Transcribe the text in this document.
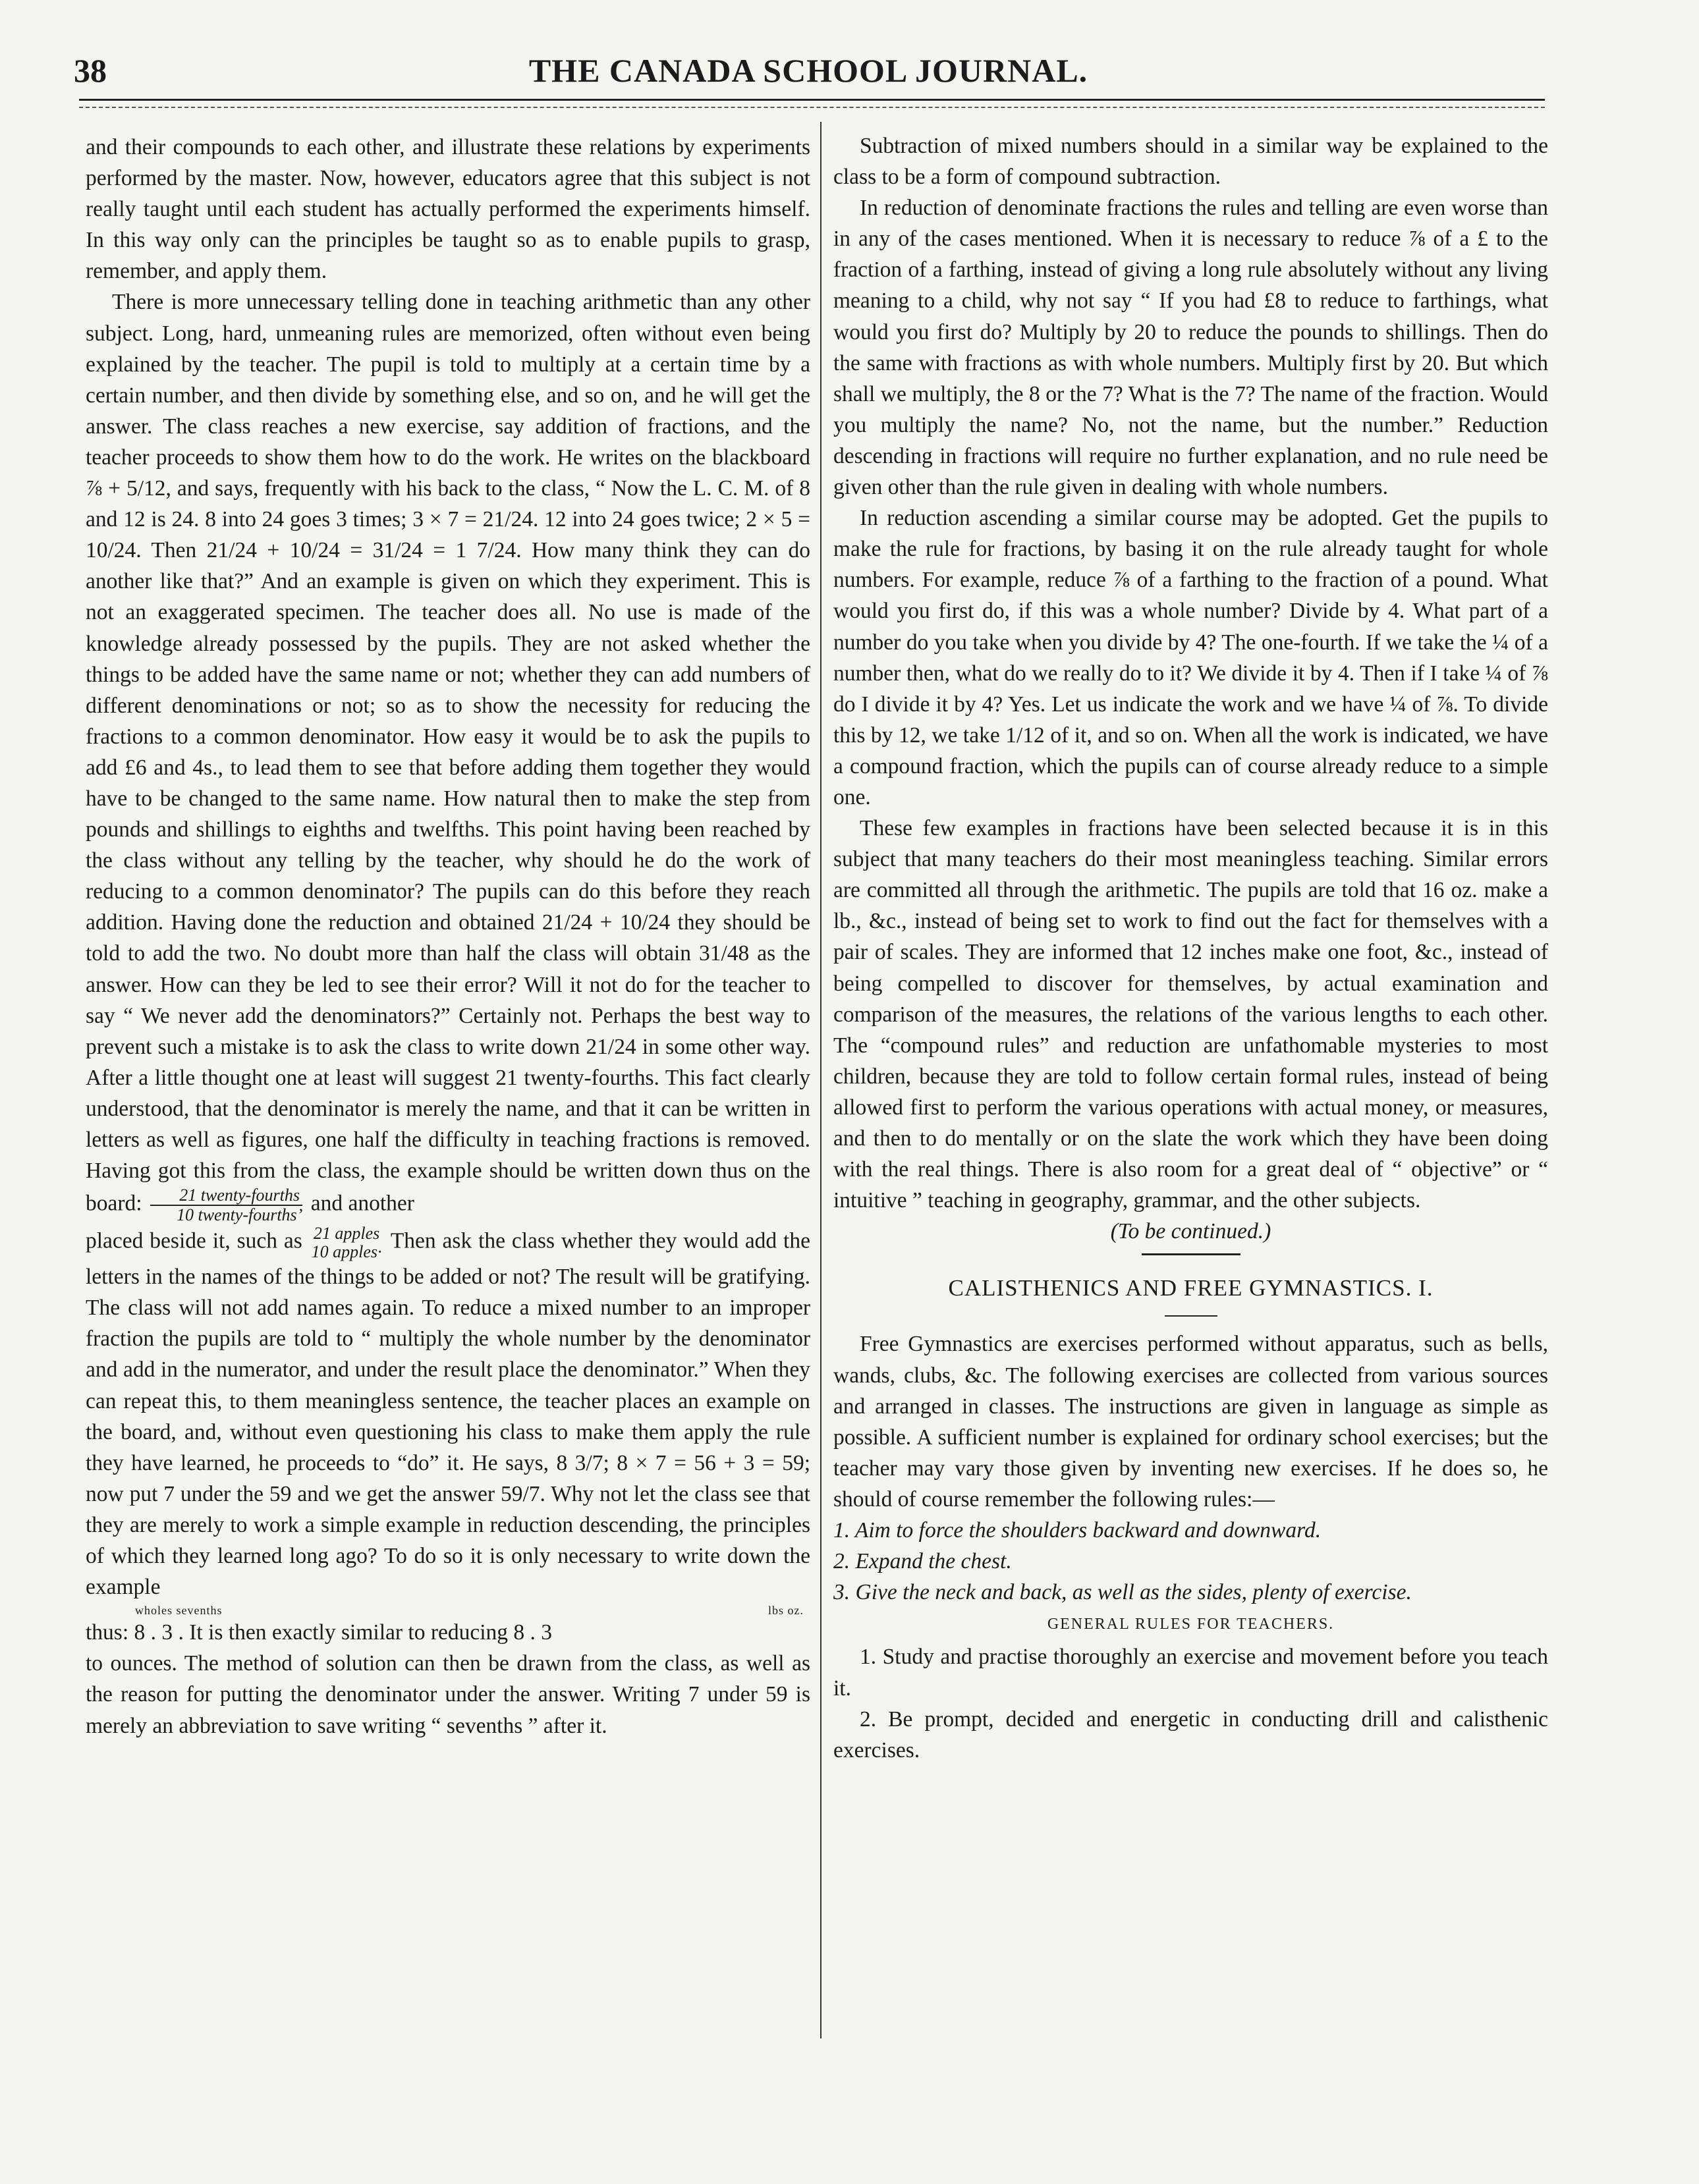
38	THE CANADA SCHOOL JOURNAL.

and their compounds to each other, and illustrate these relations by experiments performed by the master. Now, however, educators agree that this subject is not really taught until each student has actually performed the experiments himself. In this way only can the principles be taught so as to enable pupils to grasp, remember, and apply them.

There is more unnecessary telling done in teaching arithmetic than any other subject. Long, hard, unmeaning rules are memorized, often without even being explained by the teacher. The pupil is told to multiply at a certain time by a certain number, and then divide by something else, and so on, and he will get the answer. The class reaches a new exercise, say addition of fractions, and the teacher proceeds to show them how to do the work. He writes on the blackboard ⅞ + 5/12, and says, frequently with his back to the class, “ Now the L. C. M. of 8 and 12 is 24. 8 into 24 goes 3 times; 3 × 7 = 21/24. 12 into 24 goes twice; 2 × 5 = 10/24. Then 21/24 + 10/24 = 31/24 = 1 7/24. How many think they can do another like that?” And an example is given on which they experiment. This is not an exaggerated specimen. The teacher does all. No use is made of the knowledge already possessed by the pupils. They are not asked whether the things to be added have the same name or not; whether they can add numbers of different denominations or not; so as to show the necessity for reducing the fractions to a common denominator. How easy it would be to ask the pupils to add £6 and 4s., to lead them to see that before adding them together they would have to be changed to the same name. How natural then to make the step from pounds and shillings to eighths and twelfths. This point having been reached by the class without any telling by the teacher, why should he do the work of reducing to a common denominator? The pupils can do this before they reach addition. Having done the reduction and obtained 21/24 + 10/24 they should be told to add the two. No doubt more than half the class will obtain 31/48 as the answer. How can they be led to see their error? Will it not do for the teacher to say “ We never add the denominators?” Certainly not. Perhaps the best way to prevent such a mistake is to ask the class to write down 21/24 in some other way. After a little thought one at least will suggest 21 twenty-fourths. This fact clearly understood, that the denominator is merely the name, and that it can be written in letters as well as figures, one half the difficulty in teaching fractions is removed. Having got this from the class, the example should be written down thus on the board: $\frac{\text{21 twenty-fourths}}{\text{10 twenty-fourths’}}$ and another

placed beside it, such as 21 apples
10 apples· Then ask the class whether they would add the letters in the names of the things to be added or not? The result will be gratifying. The class will not add names again. To reduce a mixed number to an improper fraction the pupils are told to “ multiply the whole number by the denominator and add in the numerator, and under the result place the denominator.” When they can repeat this, to them meaningless sentence, the teacher places an example on the board, and, without even questioning his class to make them apply the rule they have learned, he proceeds to “do” it. He says, 8 3/7; 8 × 7 = 56 + 3 = 59; now put 7 under the 59 and we get the answer 59/7. Why not let the class see that they are merely to work a simple example in reduction descending, the principles of which they learned long ago? To do so it is only necessary to write down the example

wholes sevenths	lbs oz.

thus: 8 . 3 . It is then exactly similar to reducing 8 . 3

to ounces. The method of solution can then be drawn from the class, as well as the reason for putting the denominator under the answer. Writing 7 under 59 is merely an abbreviation to save writing “ sevenths ” after it.

Subtraction of mixed numbers should in a similar way be explained to the class to be a form of compound subtraction.

In reduction of denominate fractions the rules and telling are even worse than in any of the cases mentioned. When it is necessary to reduce ⅞ of a £ to the fraction of a farthing, instead of giving a long rule absolutely without any living meaning to a child, why not say “ If you had £8 to reduce to farthings, what would you first do? Multiply by 20 to reduce the pounds to shillings. Then do the same with fractions as with whole numbers. Multiply first by 20. But which shall we multiply, the 8 or the 7? What is the 7? The name of the fraction. Would you multiply the name? No, not the name, but the number.” Reduction descending in fractions will require no further explanation, and no rule need be given other than the rule given in dealing with whole numbers.

In reduction ascending a similar course may be adopted. Get the pupils to make the rule for fractions, by basing it on the rule already taught for whole numbers. For example, reduce ⅞ of a farthing to the fraction of a pound. What would you first do, if this was a whole number? Divide by 4. What part of a number do you take when you divide by 4? The one-fourth. If we take the ¼ of a number then, what do we really do to it? We divide it by 4. Then if I take ¼ of ⅞ do I divide it by 4? Yes. Let us indicate the work and we have ¼ of ⅞. To divide this by 12, we take 1/12 of it, and so on. When all the work is indicated, we have a compound fraction, which the pupils can of course already reduce to a simple one.

These few examples in fractions have been selected because it is in this subject that many teachers do their most meaningless teaching. Similar errors are committed all through the arithmetic. The pupils are told that 16 oz. make a lb., &c., instead of being set to work to find out the fact for themselves with a pair of scales. They are informed that 12 inches make one foot, &c., instead of being compelled to discover for themselves, by actual examination and comparison of the measures, the relations of the various lengths to each other. The “compound rules” and reduction are unfathomable mysteries to most children, because they are told to follow certain formal rules, instead of being allowed first to perform the various operations with actual money, or measures, and then to do mentally or on the slate the work which they have been doing with the real things. There is also room for a great deal of “ objective” or “ intuitive ” teaching in geography, grammar, and the other subjects.

(To be continued.)

CALISTHENICS AND FREE GYMNASTICS. I.

Free Gymnastics are exercises performed without apparatus, such as bells, wands, clubs, &c. The following exercises are collected from various sources and arranged in classes. The instructions are given in language as simple as possible. A sufficient number is explained for ordinary school exercises; but the teacher may vary those given by inventing new exercises. If he does so, he should of course remember the following rules:—

1. Aim to force the shoulders backward and downward.

2. Expand the chest.

3. Give the neck and back, as well as the sides, plenty of exercise.

GENERAL RULES FOR TEACHERS.

1. Study and practise thoroughly an exercise and movement before you teach it.

2. Be prompt, decided and energetic in conducting drill and calisthenic exercises.
